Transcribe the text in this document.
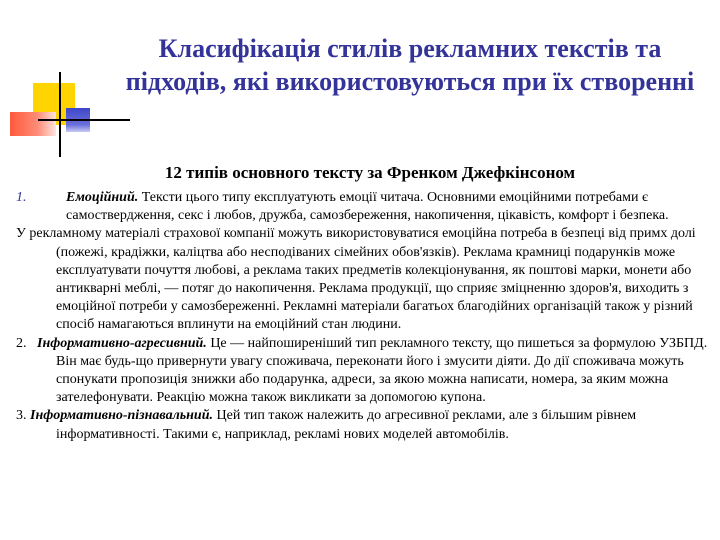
Класифікація стилів рекламних текстів та підходів, які використовуються при їх створенні
12 типів основного тексту за Френком Джефкінсоном

1.	Емоційний. Тексти цього типу експлуатують емоції читача. Основними емоційними потребами є самоствердження, секс і любов, дружба, самозбереження, накопичення, цікавість, комфорт і безпека.

У рекламному матеріалі страхової компанії можуть використовуватися емоційна потреба в безпеці від примх долі (пожежі, крадіжки, каліцтва або несподіваних сімейних обов'язків). Реклама крамниці подарунків може експлуатувати почуття любові, а реклама таких предметів колекціонування, як поштові марки, монети або антикварні меблі, — потяг до накопичення. Реклама продукції, що сприяє зміцненню здоров'я, виходить з емоційної потреби у самозбереженні. Рекламні матеріали багатьох благодійних організацій також у різний спосіб намагаються вплинути на емоційний стан людини.

2. Інформативно-агресивний. Це — найпоширеніший тип рекламного тексту, що пишеться за формулою УЗБПД. Він має будь-що привернути увагу споживача, переконати його і змусити діяти. До дії споживача можуть спонукати пропозиція знижки або подарунка, адреси, за якою можна написати, номера, за яким можна зателефонувати. Реакцію можна також викликати за допомогою купона.

3. Інформативно-пізнавальний. Цей тип також належить до агресивної реклами, але з більшим рівнем інформативності. Такими є, наприклад, рекламі нових моделей автомобілів.
